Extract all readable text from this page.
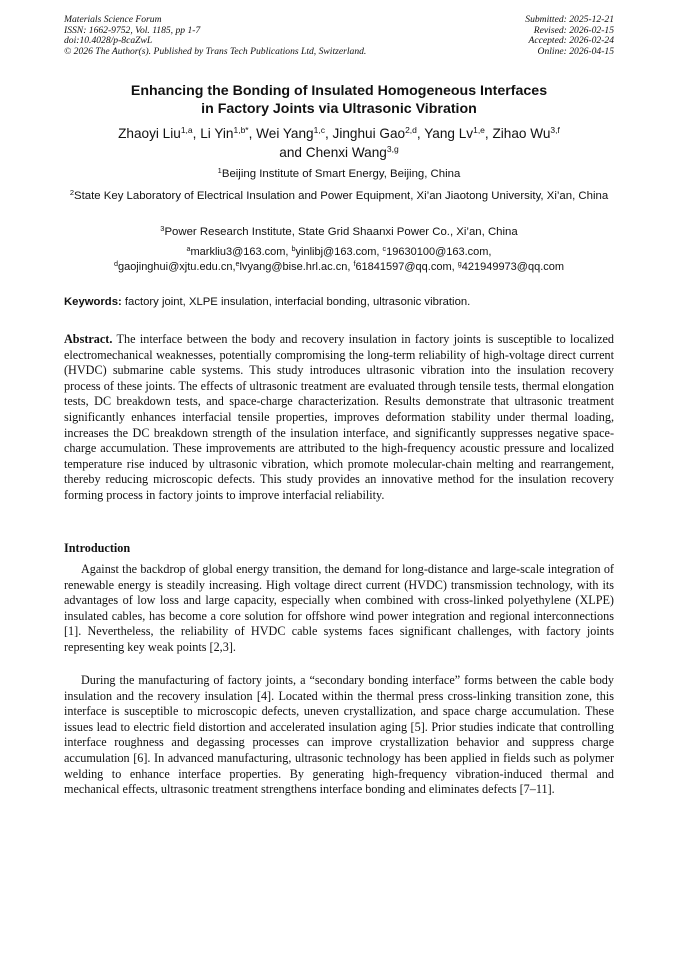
Materials Science Forum
ISSN: 1662-9752, Vol. 1185, pp 1-7
doi:10.4028/p-8caZwL
© 2026 The Author(s). Published by Trans Tech Publications Ltd, Switzerland.
Submitted: 2025-12-21
Revised: 2026-02-15
Accepted: 2026-02-24
Online: 2026-04-15
Enhancing the Bonding of Insulated Homogeneous Interfaces
in Factory Joints via Ultrasonic Vibration
Zhaoyi Liu$^{1,a}$, Li Yin$^{1,b*}$, Wei Yang$^{1,c}$, Jinghui Gao$^{2,d}$, Yang Lv$^{1,e}$, Zihao Wu$^{3,f}$
and Chenxi Wang$^{3,g}$
$^1$Beijing Institute of Smart Energy, Beijing, China
$^2$State Key Laboratory of Electrical Insulation and Power Equipment, Xi’an Jiaotong University, Xi’an, China
$^3$Power Research Institute, State Grid Shaanxi Power Co., Xi’an, China
$^a$markliu3@163.com, $^b$yinlibj@163.com, $^c$19630100@163.com,
$^d$gaojinghui@xjtu.edu.cn,$^e$lvyang@bise.hrl.ac.cn, $^f$61841597@qq.com, $^g$421949973@qq.com
Keywords: factory joint, XLPE insulation, interfacial bonding, ultrasonic vibration.
Abstract. The interface between the body and recovery insulation in factory joints is susceptible to localized electromechanical weaknesses, potentially compromising the long-term reliability of high-voltage direct current (HVDC) submarine cable systems. This study introduces ultrasonic vibration into the insulation recovery process of these joints. The effects of ultrasonic treatment are evaluated through tensile tests, thermal elongation tests, DC breakdown tests, and space-charge characterization. Results demonstrate that ultrasonic treatment significantly enhances interfacial tensile properties, improves deformation stability under thermal loading, increases the DC breakdown strength of the insulation interface, and significantly suppresses negative space-charge accumulation. These improvements are attributed to the high-frequency acoustic pressure and localized temperature rise induced by ultrasonic vibration, which promote molecular-chain melting and rearrangement, thereby reducing microscopic defects. This study provides an innovative method for the insulation recovery forming process in factory joints to improve interfacial reliability.
Introduction
Against the backdrop of global energy transition, the demand for long-distance and large-scale integration of renewable energy is steadily increasing. High voltage direct current (HVDC) transmission technology, with its advantages of low loss and large capacity, especially when combined with cross-linked polyethylene (XLPE) insulated cables, has become a core solution for offshore wind power integration and regional interconnections [1]. Nevertheless, the reliability of HVDC cable systems faces significant challenges, with factory joints representing key weak points [2,3].
During the manufacturing of factory joints, a “secondary bonding interface” forms between the cable body insulation and the recovery insulation [4]. Located within the thermal press cross-linking transition zone, this interface is susceptible to microscopic defects, uneven crystallization, and space charge accumulation. These issues lead to electric field distortion and accelerated insulation aging [5]. Prior studies indicate that controlling interface roughness and degassing processes can improve crystallization behavior and suppress charge accumulation [6]. In advanced manufacturing, ultrasonic technology has been applied in fields such as polymer welding to enhance interface properties. By generating high-frequency vibration-induced thermal and mechanical effects, ultrasonic treatment strengthens interface bonding and eliminates defects [7–11].
